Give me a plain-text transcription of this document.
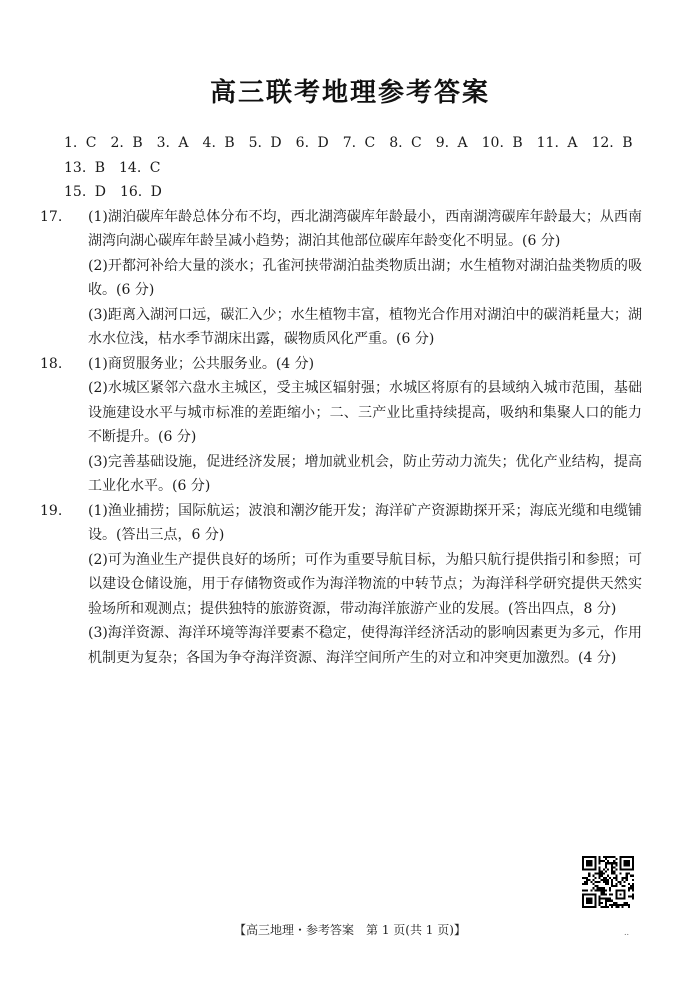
高三联考地理参考答案

1. C　2. B　3. A　4. B　5. D　6. D　7. C　8. C　9. A　10. B　11. A　12. B　13. B　14. C

15. D　16. D

17. (1)湖泊碳库年龄总体分布不均，西北湖湾碳库年龄最小，西南湖湾碳库年龄最大；从西南湖湾向湖心碳库年龄呈减小趋势；湖泊其他部位碳库年龄变化不明显。(6 分)

(2)开都河补给大量的淡水；孔雀河挟带湖泊盐类物质出湖；水生植物对湖泊盐类物质的吸收。(6 分)

(3)距离入湖河口远，碳汇入少；水生植物丰富，植物光合作用对湖泊中的碳消耗量大；湖水水位浅，枯水季节湖床出露，碳物质风化严重。(6 分)

18. (1)商贸服务业；公共服务业。(4 分)

(2)水城区紧邻六盘水主城区，受主城区辐射强；水城区将原有的县域纳入城市范围，基础设施建设水平与城市标准的差距缩小；二、三产业比重持续提高，吸纳和集聚人口的能力不断提升。(6 分)

(3)完善基础设施，促进经济发展；增加就业机会，防止劳动力流失；优化产业结构，提高工业化水平。(6 分)

19. (1)渔业捕捞；国际航运；波浪和潮汐能开发；海洋矿产资源勘探开采；海底光缆和电缆铺设。(答出三点，6 分)

(2)可为渔业生产提供良好的场所；可作为重要导航目标，为船只航行提供指引和参照；可以建设仓储设施，用于存储物资或作为海洋物流的中转节点；为海洋科学研究提供天然实验场所和观测点；提供独特的旅游资源，带动海洋旅游产业的发展。(答出四点，8 分)

(3)海洋资源、海洋环境等海洋要素不稳定，使得海洋经济活动的影响因素更为多元，作用机制更为复杂；各国为争夺海洋资源、海洋空间所产生的对立和冲突更加激烈。(4 分)

【高三地理・参考答案　第 1 页(共 1 页)】	..
